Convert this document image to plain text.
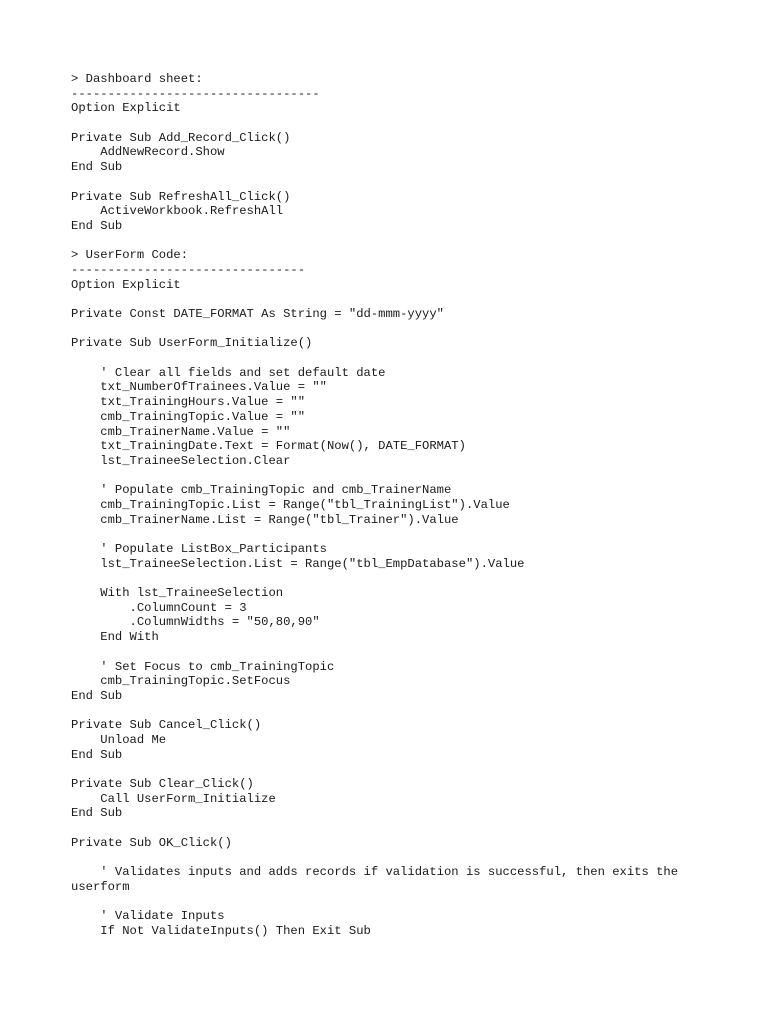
> Dashboard sheet:
----------------------------------
Option Explicit
Private Sub Add_Record_Click()
AddNewRecord.Show
End Sub
Private Sub RefreshAll_Click()
ActiveWorkbook.RefreshAll
End Sub
> UserForm Code:
--------------------------------
Option Explicit
Private Const DATE_FORMAT As String = "dd-mmm-yyyy"
Private Sub UserForm_Initialize()
' Clear all fields and set default date
txt_NumberOfTrainees.Value = ""
txt_TrainingHours.Value = ""
cmb_TrainingTopic.Value = ""
cmb_TrainerName.Value = ""
txt_TrainingDate.Text = Format(Now(), DATE_FORMAT)
lst_TraineeSelection.Clear
' Populate cmb_TrainingTopic and cmb_TrainerName
cmb_TrainingTopic.List = Range("tbl_TrainingList").Value
cmb_TrainerName.List = Range("tbl_Trainer").Value
' Populate ListBox_Participants
lst_TraineeSelection.List = Range("tbl_EmpDatabase").Value
With lst_TraineeSelection
.ColumnCount = 3
.ColumnWidths = "50,80,90"
End With
' Set Focus to cmb_TrainingTopic
cmb_TrainingTopic.SetFocus
End Sub
Private Sub Cancel_Click()
Unload Me
End Sub
Private Sub Clear_Click()
Call UserForm_Initialize
End Sub
Private Sub OK_Click()
' Validates inputs and adds records if validation is successful, then exits the
userform
' Validate Inputs
If Not ValidateInputs() Then Exit Sub
